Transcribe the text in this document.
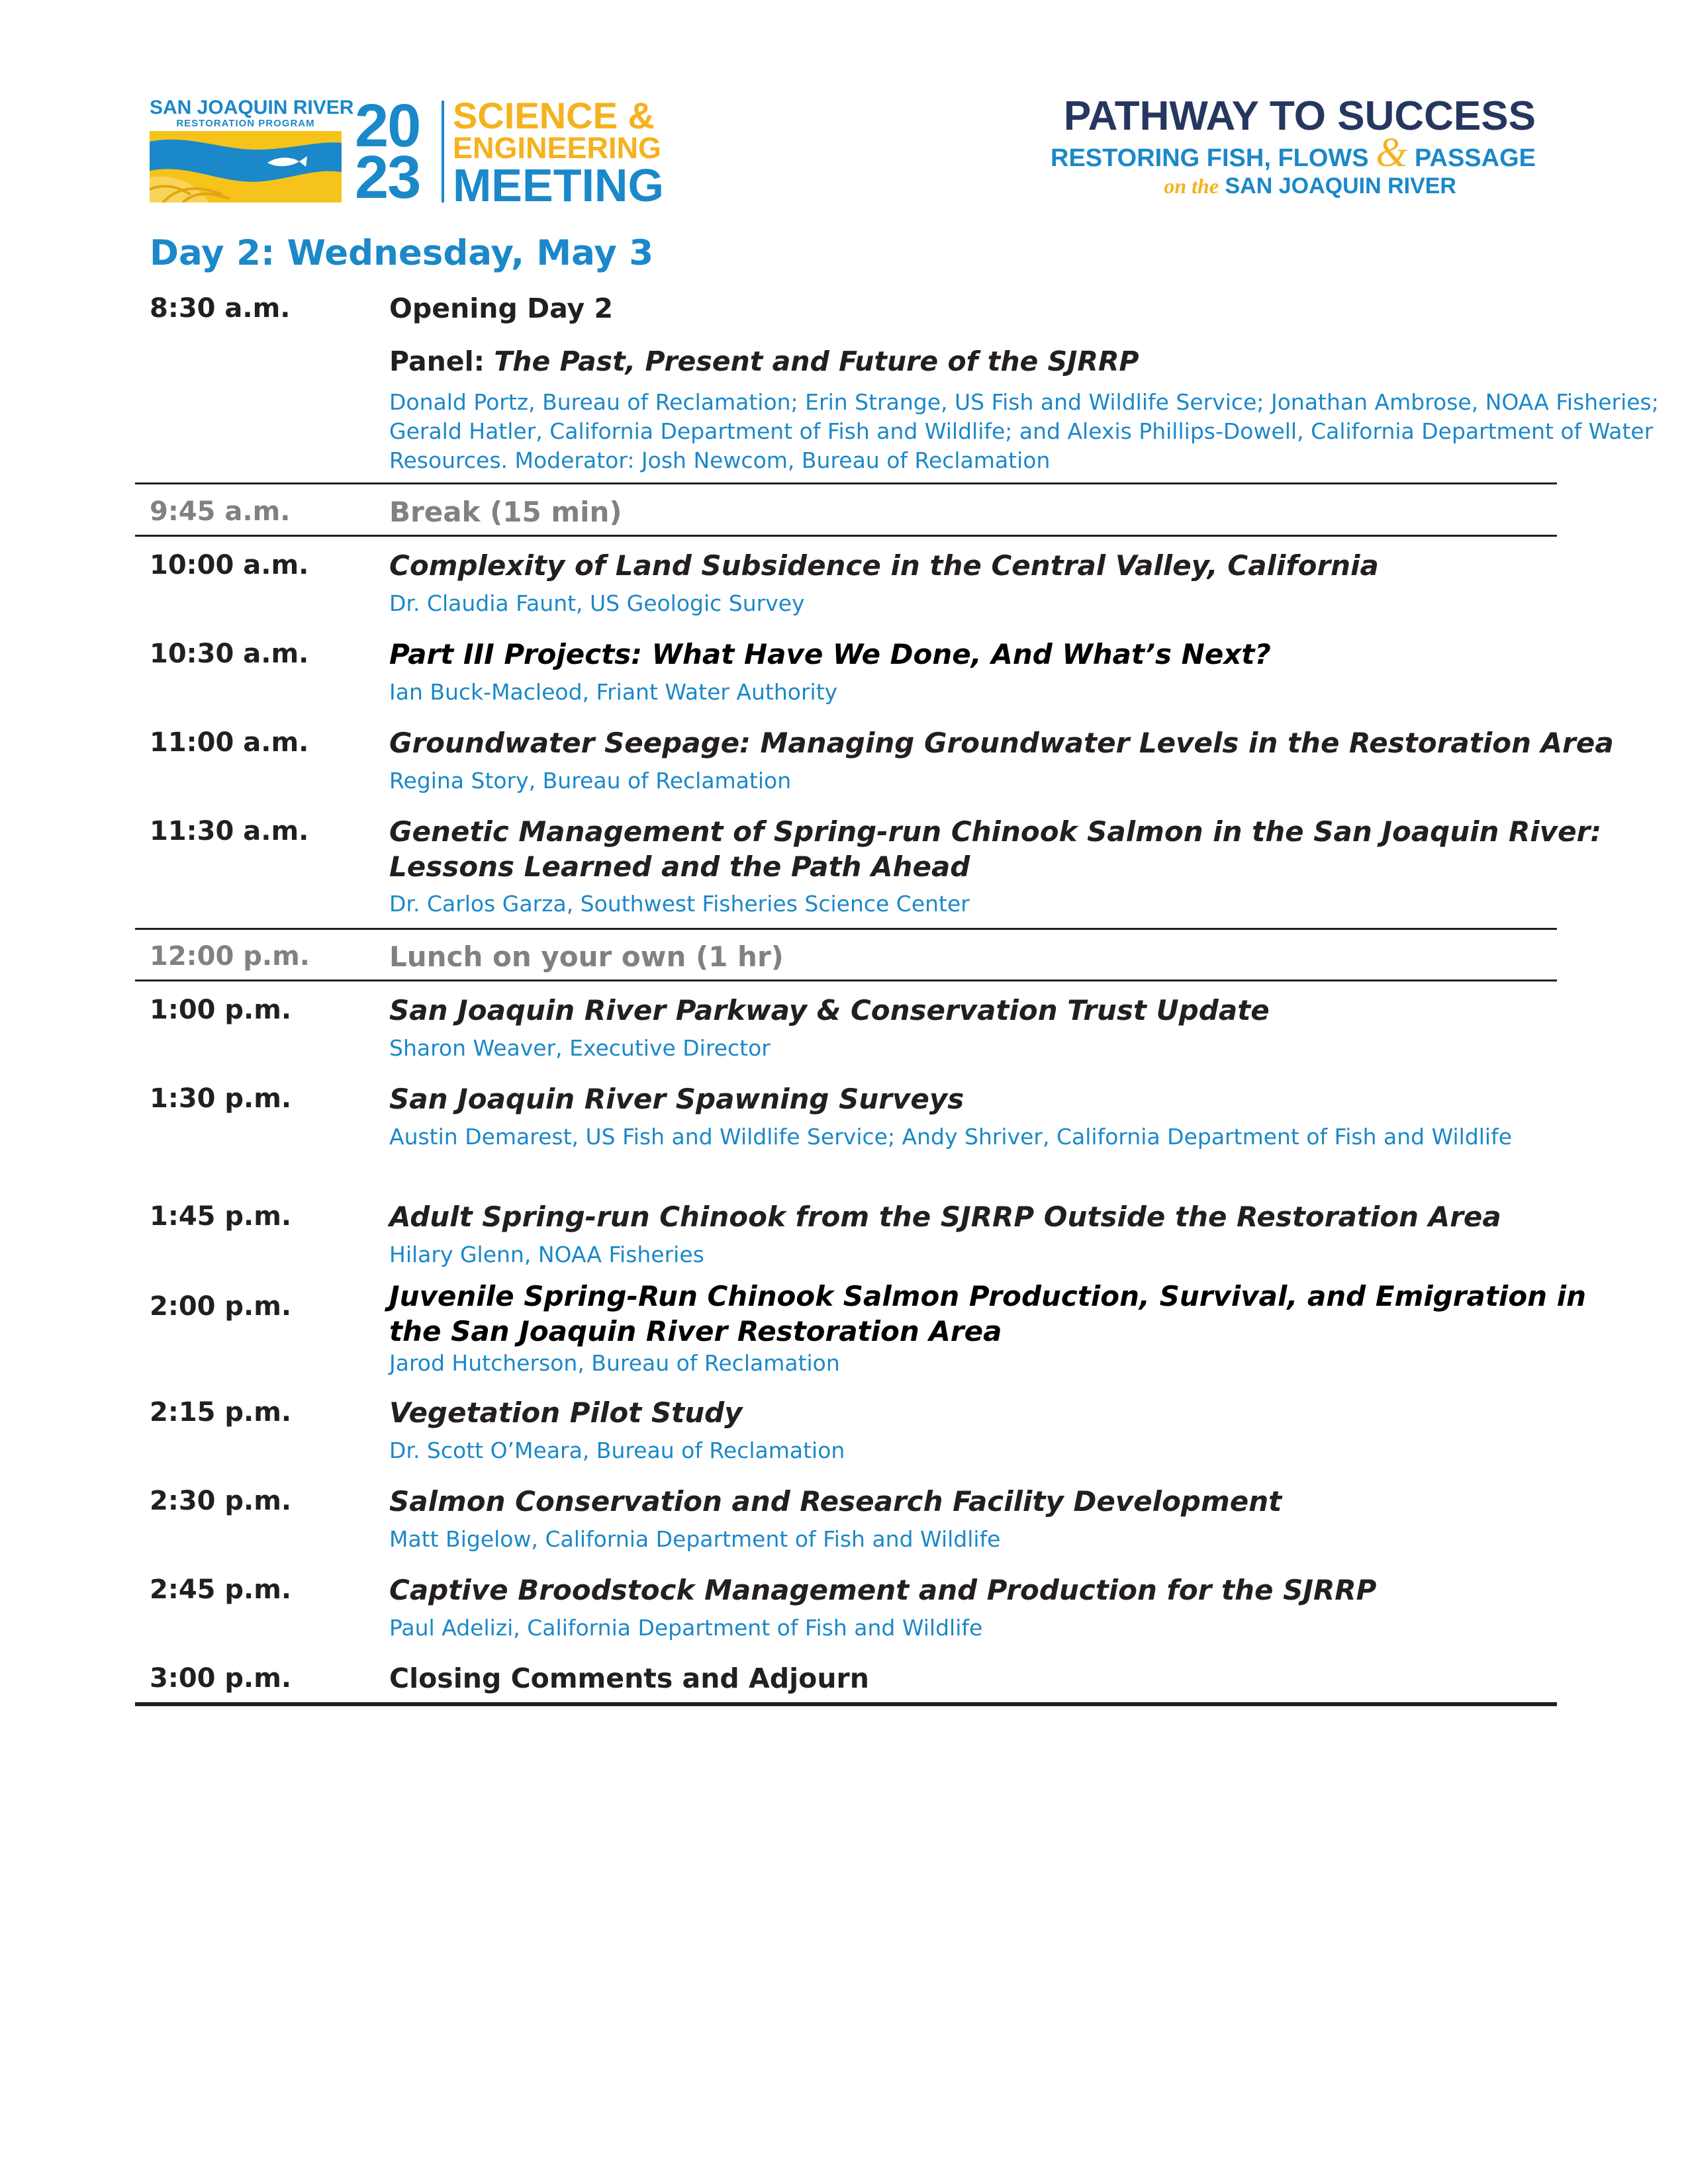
SAN JOAQUIN RIVER
RESTORATION PROGRAM 20
23
SCIENCE &
ENGINEERING
MEETING
PATHWAY TO SUCCESS
RESTORING FISH, FLOWS & PASSAGE
on the SAN JOAQUIN RIVER
Day 2: Wednesday, May 3
8:30 a.m.	Opening Day 2
Panel: The Past, Present and Future of the SJRRP
Donald Portz, Bureau of Reclamation; Erin Strange, US Fish and Wildlife Service; Jonathan Ambrose, NOAA Fisheries; Gerald Hatler, California Department of Fish and Wildlife; and Alexis Phillips-Dowell, California Department of Water Resources. Moderator: Josh Newcom, Bureau of Reclamation
9:45 a.m.	Break (15 min)
10:00 a.m.	Complexity of Land Subsidence in the Central Valley, California
Dr. Claudia Faunt, US Geologic Survey
10:30 a.m.	Part III Projects: What Have We Done, And What’s Next?
Ian Buck-Macleod, Friant Water Authority
11:00 a.m.	Groundwater Seepage: Managing Groundwater Levels in the Restoration Area
Regina Story, Bureau of Reclamation
11:30 a.m.	Genetic Management of Spring-run Chinook Salmon in the San Joaquin River: Lessons Learned and the Path Ahead
Dr. Carlos Garza, Southwest Fisheries Science Center
12:00 p.m.	Lunch on your own (1 hr)
1:00 p.m.	San Joaquin River Parkway & Conservation Trust Update
Sharon Weaver, Executive Director
1:30 p.m.	San Joaquin River Spawning Surveys
Austin Demarest, US Fish and Wildlife Service; Andy Shriver, California Department of Fish and Wildlife
1:45 p.m.	Adult Spring-run Chinook from the SJRRP Outside the Restoration Area
Hilary Glenn, NOAA Fisheries
2:00 p.m.	Juvenile Spring-Run Chinook Salmon Production, Survival, and Emigration in the San Joaquin River Restoration Area
Jarod Hutcherson, Bureau of Reclamation
2:15 p.m.	Vegetation Pilot Study
Dr. Scott O’Meara, Bureau of Reclamation
2:30 p.m.	Salmon Conservation and Research Facility Development
Matt Bigelow, California Department of Fish and Wildlife
2:45 p.m.	Captive Broodstock Management and Production for the SJRRP
Paul Adelizi, California Department of Fish and Wildlife
3:00 p.m.	Closing Comments and Adjourn
